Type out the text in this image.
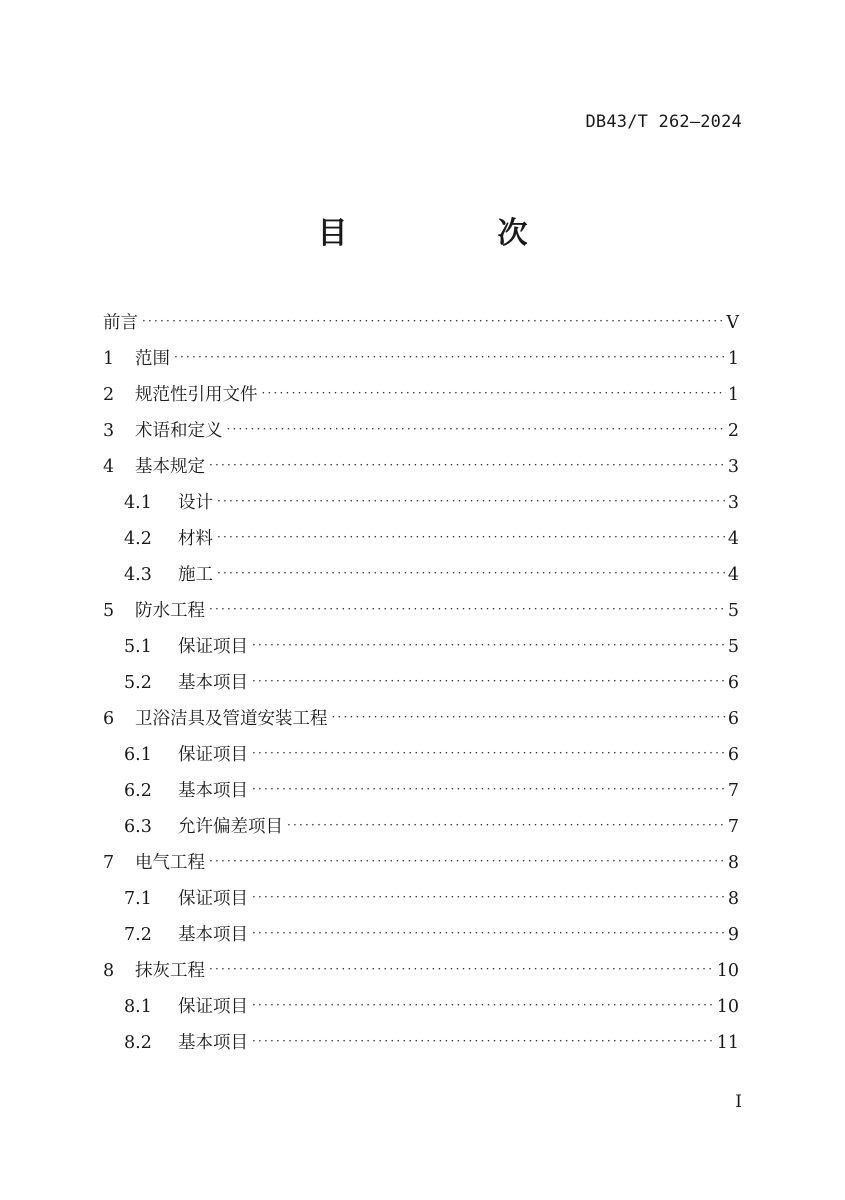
DB43/T 262—2024
目　次
前言 ·····	V
1 范围 ·····	1
2 规范性引用文件 ·····	1
3 术语和定义 ·····	2
4 基本规定 ·····	3
4.1	设计 ·····	3
4.2	材料 ·····	4
4.3	施工 ·····	4
5 防水工程 ·····	5
5.1	保证项目 ·····	5
5.2	基本项目 ·····	6
6 卫浴洁具及管道安装工程 ·····	6
6.1	保证项目 ·····	6
6.2	基本项目 ·····	7
6.3	允许偏差项目 ·····	7
7 电气工程 ·····	8
7.1	保证项目 ·····	8
7.2	基本项目 ·····	9
8 抹灰工程 ·····	10
8.1	保证项目 ·····	10
8.2	基本项目 ·····	11
I
